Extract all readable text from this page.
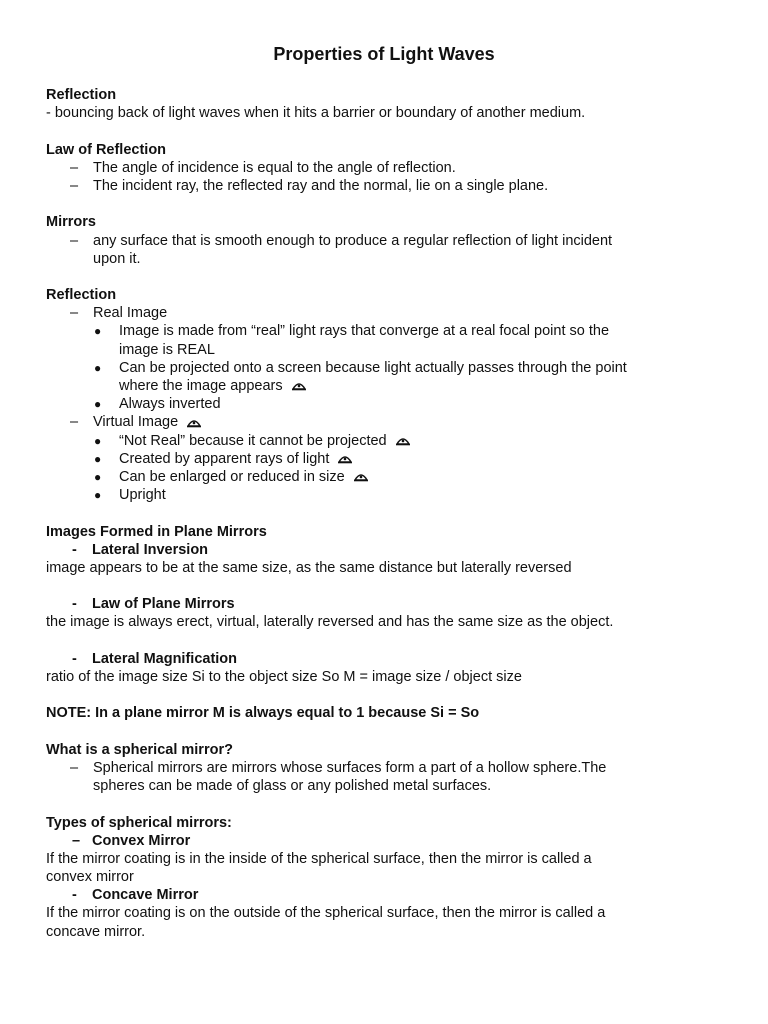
Properties of Light Waves
Reflection
- bouncing back of light waves when it hits a barrier or boundary of another medium.
Law of Reflection
– The angle of incidence is equal to the angle of reflection.
– The incident ray, the reflected ray and the normal, lie on a single plane.
Mirrors
– any surface that is smooth enough to produce a regular reflection of light incident
upon it.
Reflection
– Real Image
● Image is made from “real” light rays that converge at a real focal point so the
image is REAL
● Can be projected onto a screen because light actually passes through the point
where the image appears
● Always inverted
– Virtual Image
● “Not Real” because it cannot be projected
● Created by apparent rays of light
● Can be enlarged or reduced in size
● Upright
Images Formed in Plane Mirrors
- Lateral Inversion
image appears to be at the same size, as the same distance but laterally reversed
- Law of Plane Mirrors
the image is always erect, virtual, laterally reversed and has the same size as the object.
- Lateral Magnification
ratio of the image size Si to the object size So M = image size / object size
NOTE: In a plane mirror M is always equal to 1 because Si = So
What is a spherical mirror?
– Spherical mirrors are mirrors whose surfaces form a part of a hollow sphere.The
spheres can be made of glass or any polished metal surfaces.
Types of spherical mirrors:
– Convex Mirror
If the mirror coating is in the inside of the spherical surface, then the mirror is called a
convex mirror
- Concave Mirror
If the mirror coating is on the outside of the spherical surface, then the mirror is called a
concave mirror.
